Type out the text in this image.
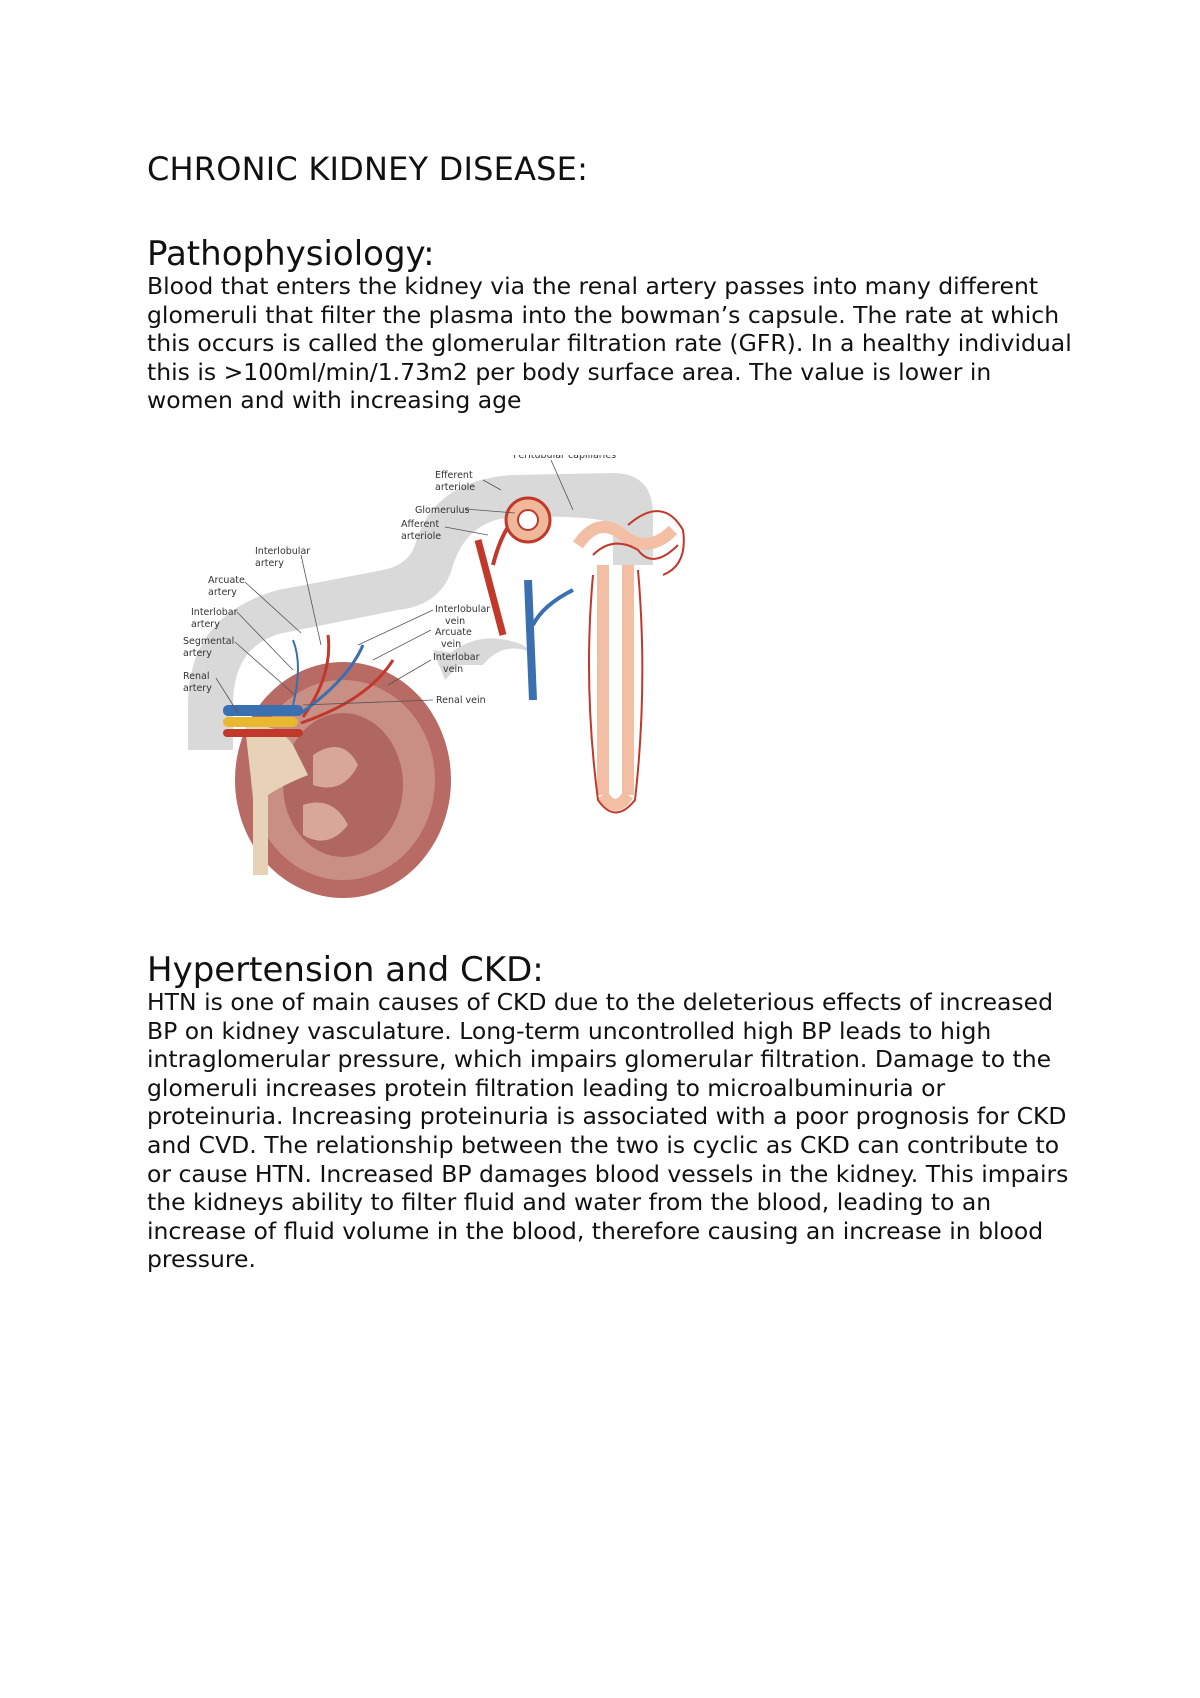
CHRONIC KIDNEY DISEASE:
Pathophysiology:

Blood that enters the kidney via the renal artery passes into many different glomeruli that filter the plasma into the bowman’s capsule. The rate at which this occurs is called the glomerular filtration rate (GFR). In a healthy individual this is >100ml/min/1.73m2 per body surface area. The value is lower in women and with increasing age

Peritubular capillaries
Efferent
arteriole
Glomerulus
Afferent
arteriole
Interlobular
artery
Arcuate
artery
Interlobar
artery
Segmental
artery
Renal
artery
Interlobular
vein
Arcuate
vein
Interlobar
vein
Renal vein
Hypertension and CKD:

HTN is one of main causes of CKD due to the deleterious effects of increased BP on kidney vasculature. Long-term uncontrolled high BP leads to high intraglomerular pressure, which impairs glomerular filtration. Damage to the glomeruli increases protein filtration leading to microalbuminuria or proteinuria. Increasing proteinuria is associated with a poor prognosis for CKD and CVD. The relationship between the two is cyclic as CKD can contribute to or cause HTN. Increased BP damages blood vessels in the kidney. This impairs the kidneys ability to filter fluid and water from the blood, leading to an increase of fluid volume in the blood, therefore causing an increase in blood pressure.
